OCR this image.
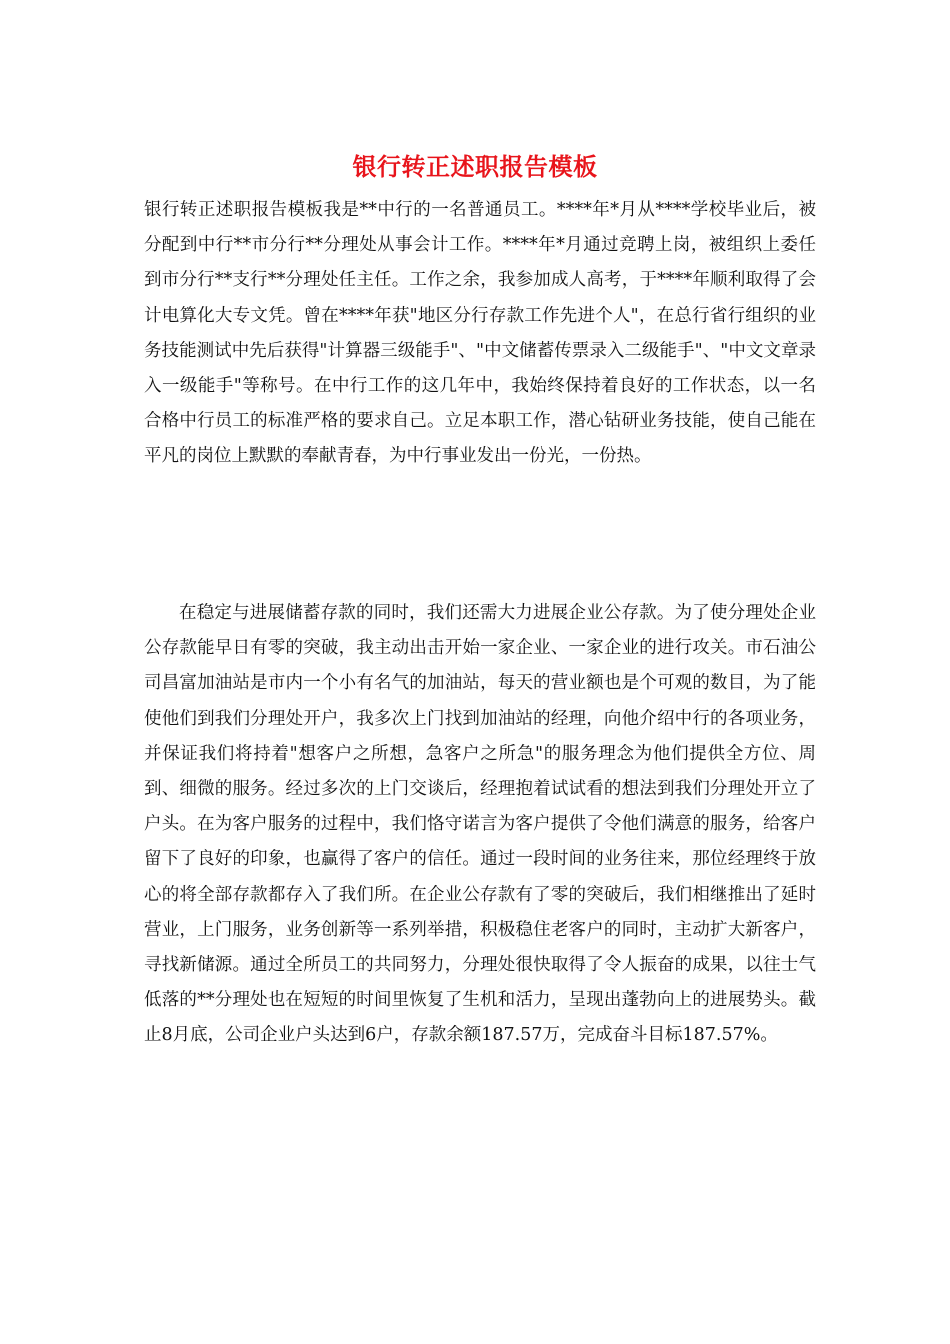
银行转正述职报告模板

银行转正述职报告模板我是**中行的一名普通员工。****年*月从****学校毕业后，被分配到中行**市分行**分理处从事会计工作。****年*月通过竞聘上岗，被组织上委任到市分行**支行**分理处任主任。工作之余，我参加成人高考，于****年顺利取得了会计电算化大专文凭。曾在****年获"地区分行存款工作先进个人"，在总行省行组织的业务技能测试中先后获得"计算器三级能手"、"中文储蓄传票录入二级能手"、"中文文章录入一级能手"等称号。在中行工作的这几年中，我始终保持着良好的工作状态，以一名合格中行员工的标准严格的要求自己。立足本职工作，潜心钻研业务技能，使自己能在平凡的岗位上默默的奉献青春，为中行事业发出一份光，一份热。

在稳定与进展储蓄存款的同时，我们还需大力进展企业公存款。为了使分理处企业公存款能早日有零的突破，我主动出击开始一家企业、一家企业的进行攻关。市石油公司昌富加油站是市内一个小有名气的加油站，每天的营业额也是个可观的数目，为了能使他们到我们分理处开户，我多次上门找到加油站的经理，向他介绍中行的各项业务，并保证我们将持着"想客户之所想，急客户之所急"的服务理念为他们提供全方位、周到、细微的服务。经过多次的上门交谈后，经理抱着试试看的想法到我们分理处开立了户头。在为客户服务的过程中，我们恪守诺言为客户提供了令他们满意的服务，给客户留下了良好的印象，也赢得了客户的信任。通过一段时间的业务往来，那位经理终于放心的将全部存款都存入了我们所。在企业公存款有了零的突破后，我们相继推出了延时营业，上门服务，业务创新等一系列举措，积极稳住老客户的同时，主动扩大新客户，寻找新储源。通过全所员工的共同努力，分理处很快取得了令人振奋的成果，以往士气低落的**分理处也在短短的时间里恢复了生机和活力，呈现出蓬勃向上的进展势头。截止8月底，公司企业户头达到6户，存款余额187.57万，完成奋斗目标187.57%。
